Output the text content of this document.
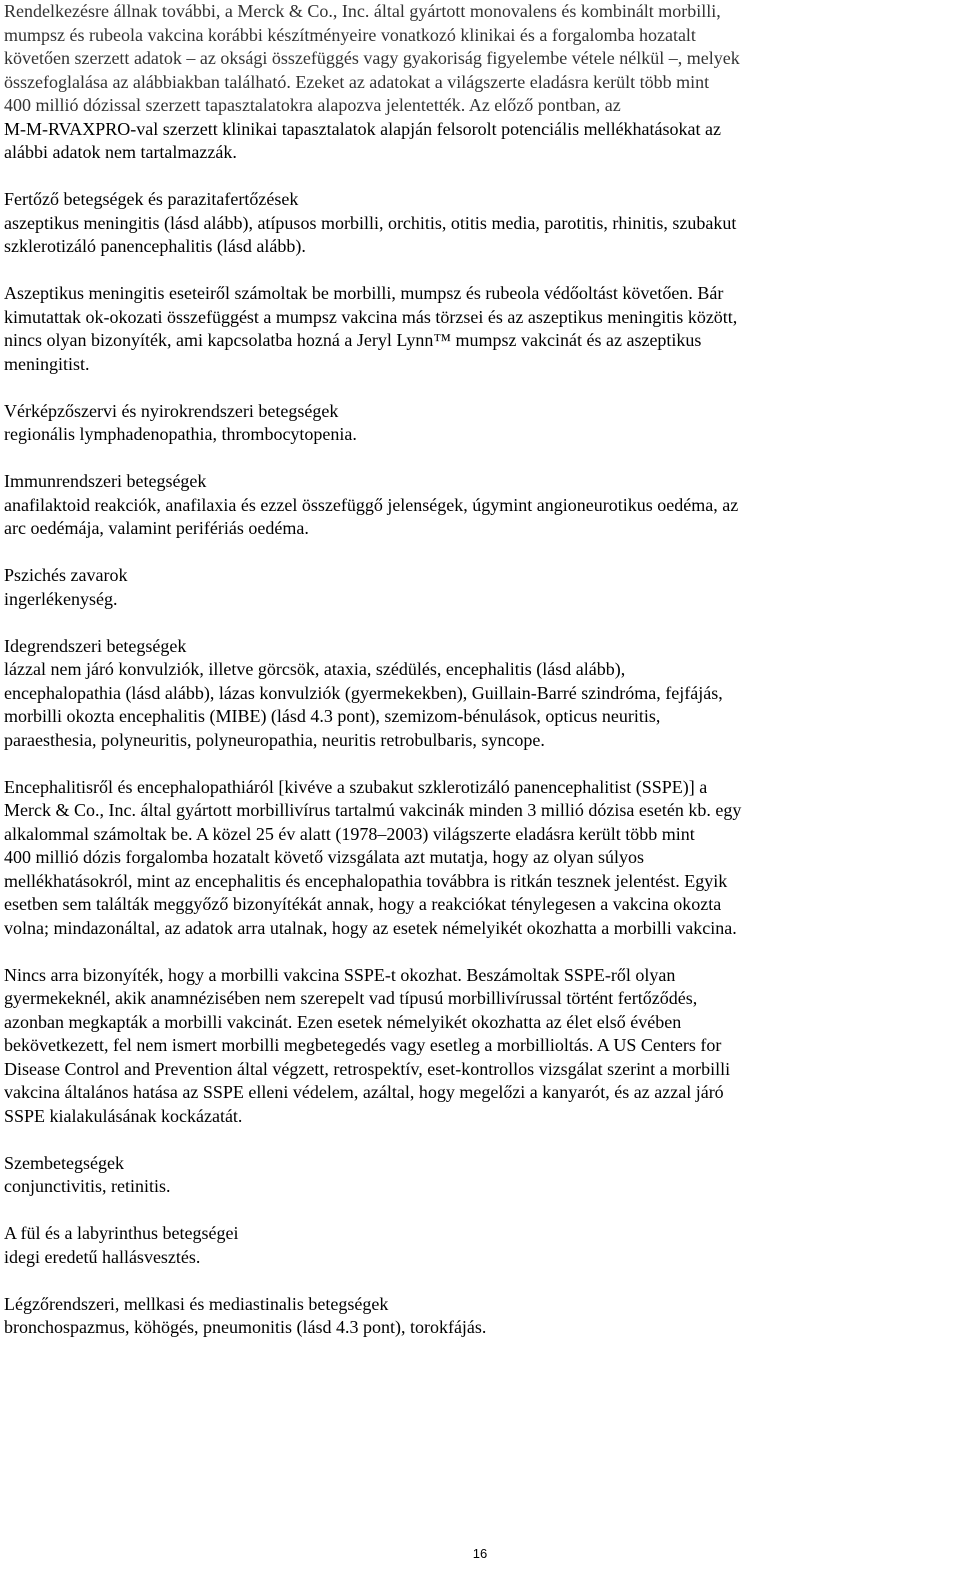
Rendelkezésre állnak további, a Merck & Co., Inc. által gyártott monovalens és kombinált morbilli,
mumpsz és rubeola vakcina korábbi készítményeire vonatkozó klinikai és a forgalomba hozatalt
követően szerzett adatok – az oksági összefüggés vagy gyakoriság figyelembe vétele nélkül –, melyek
összefoglalása az alábbiakban található. Ezeket az adatokat a világszerte eladásra került több mint
400 millió dózissal szerzett tapasztalatokra alapozva jelentették. Az előző pontban, az
M-M-RVAXPRO-val szerzett klinikai tapasztalatok alapján felsorolt potenciális mellékhatásokat az
alábbi adatok nem tartalmazzák.

Fertőző betegségek és parazitafertőzések
aszeptikus meningitis (lásd alább), atípusos morbilli, orchitis, otitis media, parotitis, rhinitis, szubakut
szklerotizáló panencephalitis (lásd alább).

Aszeptikus meningitis eseteiről számoltak be morbilli, mumpsz és rubeola védőoltást követően. Bár
kimutattak ok-okozati összefüggést a mumpsz vakcina más törzsei és az aszeptikus meningitis között,
nincs olyan bizonyíték, ami kapcsolatba hozná a Jeryl Lynn™ mumpsz vakcinát és az aszeptikus
meningitist.

Vérképzőszervi és nyirokrendszeri betegségek
regionális lymphadenopathia, thrombocytopenia.

Immunrendszeri betegségek
anafilaktoid reakciók, anafilaxia és ezzel összefüggő jelenségek, úgymint angioneurotikus oedéma, az
arc oedémája, valamint perifériás oedéma.

Pszichés zavarok
ingerlékenység.

Idegrendszeri betegségek
lázzal nem járó konvulziók, illetve görcsök, ataxia, szédülés, encephalitis (lásd alább),
encephalopathia (lásd alább), lázas konvulziók (gyermekekben), Guillain-Barré szindróma, fejfájás,
morbilli okozta encephalitis (MIBE) (lásd 4.3 pont), szemizom-bénulások, opticus neuritis,
paraesthesia, polyneuritis, polyneuropathia, neuritis retrobulbaris, syncope.

Encephalitisről és encephalopathiáról [kivéve a szubakut szklerotizáló panencephalitist (SSPE)] a
Merck & Co., Inc. által gyártott morbillivírus tartalmú vakcinák minden 3 millió dózisa esetén kb. egy
alkalommal számoltak be. A közel 25 év alatt (1978–2003) világszerte eladásra került több mint
400 millió dózis forgalomba hozatalt követő vizsgálata azt mutatja, hogy az olyan súlyos
mellékhatásokról, mint az encephalitis és encephalopathia továbbra is ritkán tesznek jelentést. Egyik
esetben sem találták meggyőző bizonyítékát annak, hogy a reakciókat ténylegesen a vakcina okozta
volna; mindazonáltal, az adatok arra utalnak, hogy az esetek némelyikét okozhatta a morbilli vakcina.

Nincs arra bizonyíték, hogy a morbilli vakcina SSPE-t okozhat. Beszámoltak SSPE-ről olyan
gyermekeknél, akik anamnézisében nem szerepelt vad típusú morbillivírussal történt fertőződés,
azonban megkapták a morbilli vakcinát. Ezen esetek némelyikét okozhatta az élet első évében
bekövetkezett, fel nem ismert morbilli megbetegedés vagy esetleg a morbillioltás. A US Centers for
Disease Control and Prevention által végzett, retrospektív, eset-kontrollos vizsgálat szerint a morbilli
vakcina általános hatása az SSPE elleni védelem, azáltal, hogy megelőzi a kanyarót, és az azzal járó
SSPE kialakulásának kockázatát.

Szembetegségek
conjunctivitis, retinitis.

A fül és a labyrinthus betegségei
idegi eredetű hallásvesztés.

Légzőrendszeri, mellkasi és mediastinalis betegségek
bronchospazmus, köhögés, pneumonitis (lásd 4.3 pont), torokfájás.

16
